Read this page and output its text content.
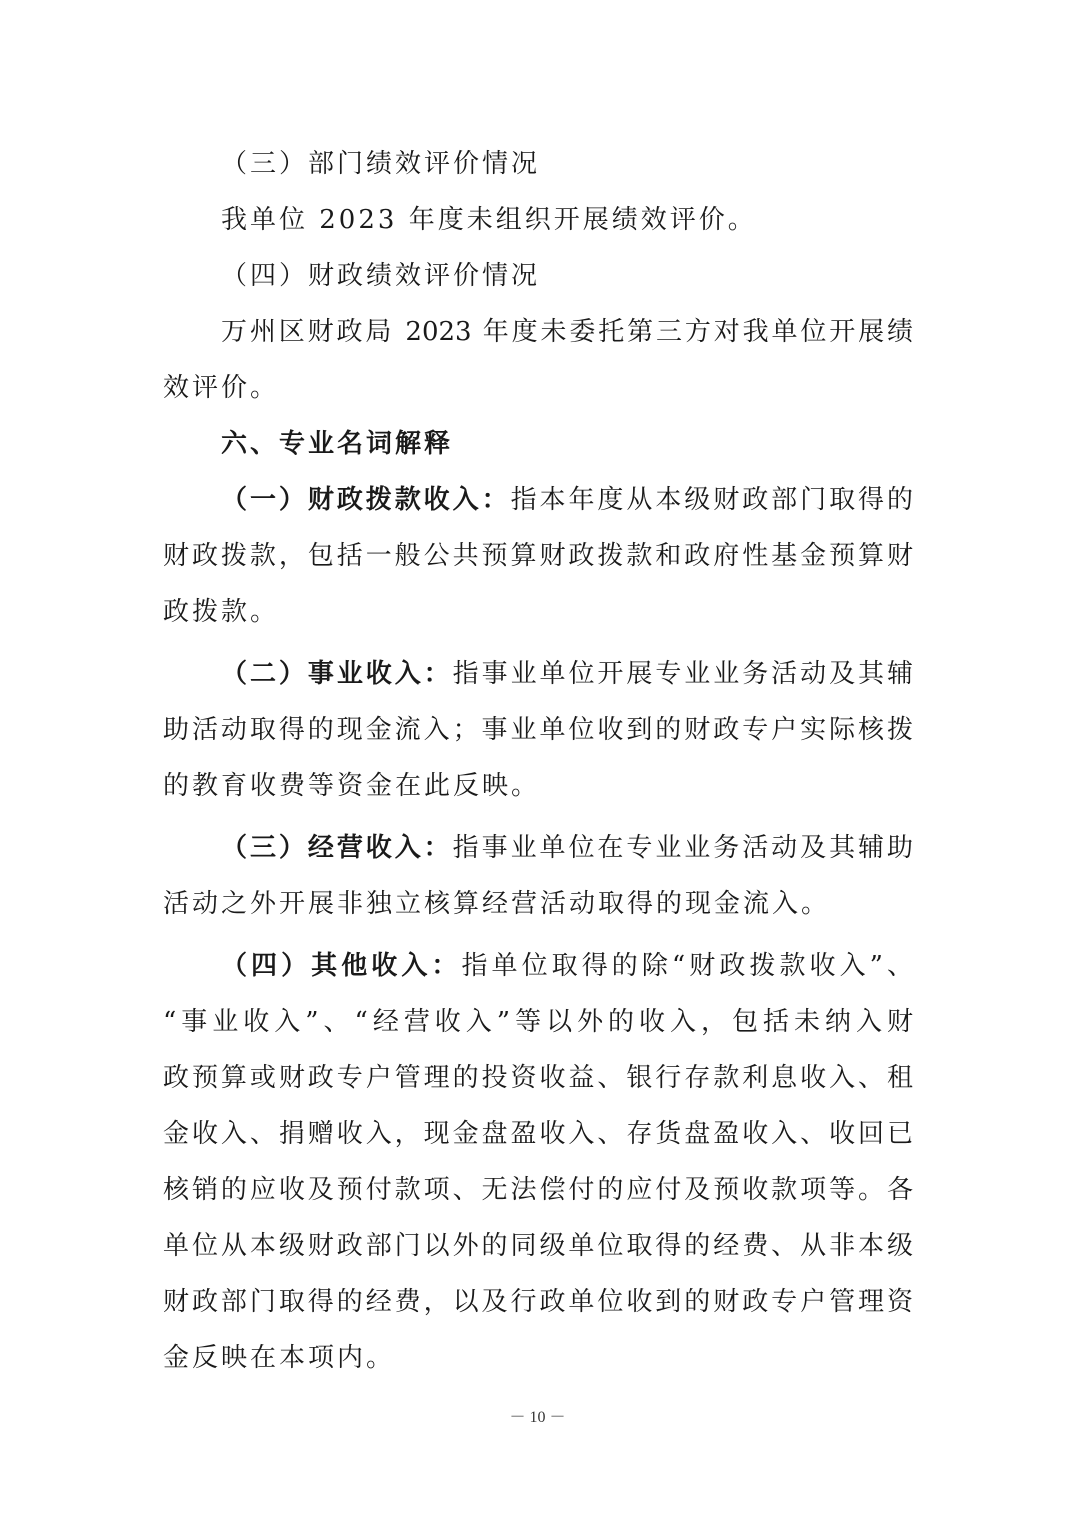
（三）部门绩效评价情况
我单位 2023 年度未组织开展绩效评价。
（四）财政绩效评价情况
万州区财政局 2023 年度未委托第三方对我单位开展绩
效评价。
六、专业名词解释
（一）财政拨款收入：指本年度从本级财政部门取得的
财政拨款，包括一般公共预算财政拨款和政府性基金预算财
政拨款。
（二）事业收入：指事业单位开展专业业务活动及其辅
助活动取得的现金流入；事业单位收到的财政专户实际核拨
的教育收费等资金在此反映。
（三）经营收入：指事业单位在专业业务活动及其辅助
活动之外开展非独立核算经营活动取得的现金流入。
（四）其他收入：指单位取得的除“财政拨款收入”、
“事业收入”、“经营收入”等以外的收入，包括未纳入财
政预算或财政专户管理的投资收益、银行存款利息收入、租
金收入、捐赠收入，现金盘盈收入、存货盘盈收入、收回已
核销的应收及预付款项、无法偿付的应付及预收款项等。各
单位从本级财政部门以外的同级单位取得的经费、从非本级
财政部门取得的经费，以及行政单位收到的财政专户管理资
金反映在本项内。
－ 10 －
